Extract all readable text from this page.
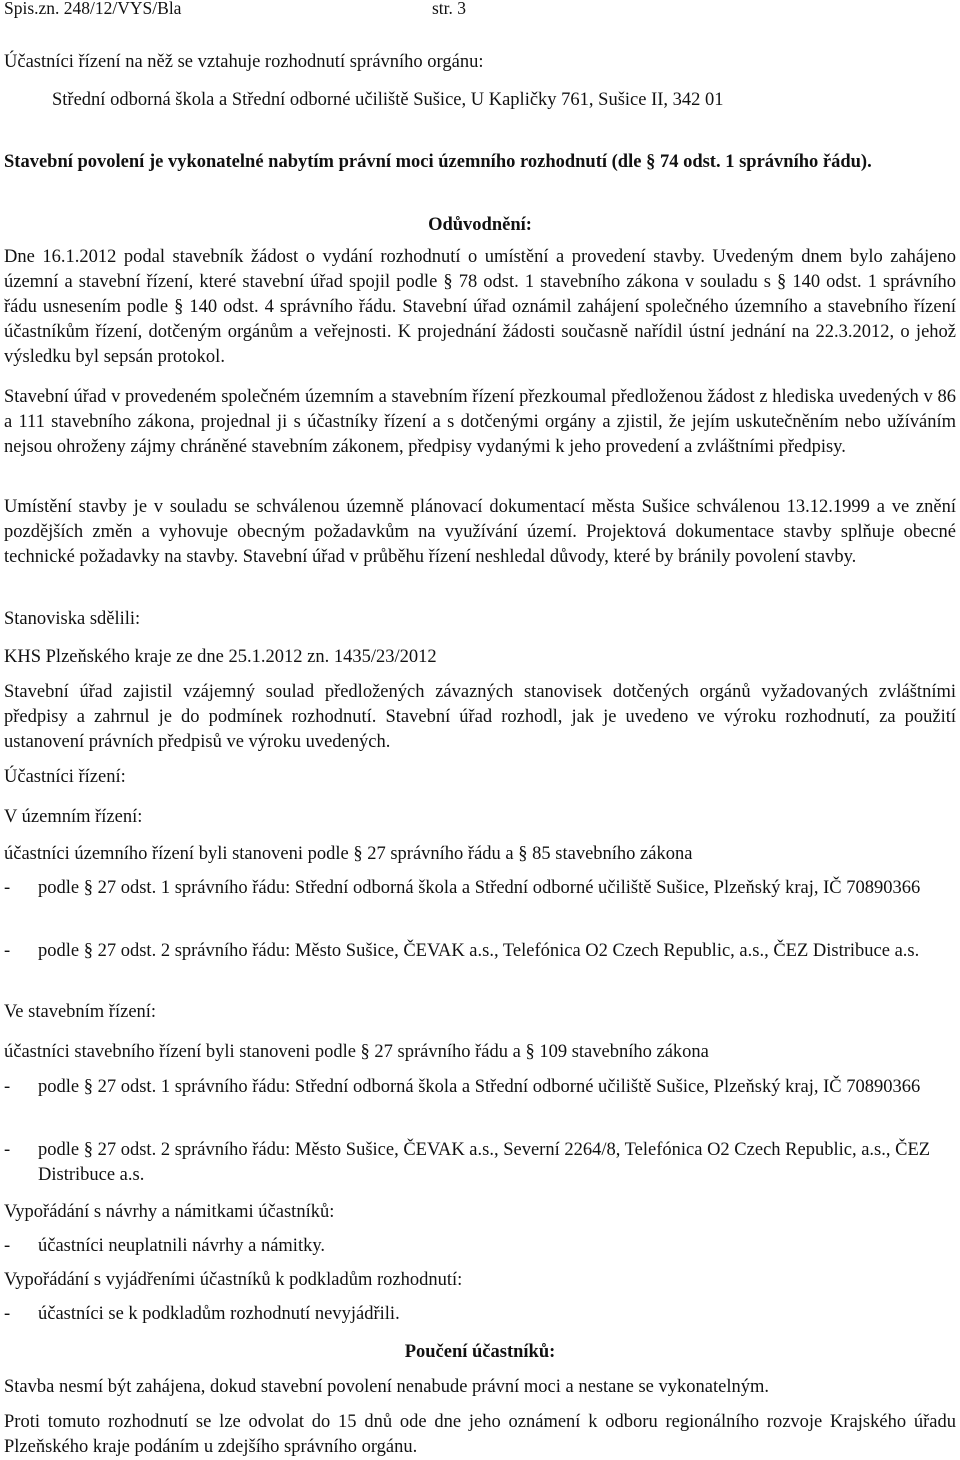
Spis.zn. 248/12/VYS/Bla	str. 3
Účastníci řízení na něž se vztahuje rozhodnutí správního orgánu:
Střední odborná škola a Střední odborné učiliště Sušice, U Kapličky 761, Sušice II, 342 01
Stavební povolení je vykonatelné nabytím právní moci územního rozhodnutí (dle § 74 odst. 1 správního řádu).
Odůvodnění:
Dne 16.1.2012 podal stavebník žádost o vydání rozhodnutí o umístění a provedení stavby. Uvedeným dnem bylo zahájeno územní a stavební řízení, které stavební úřad spojil podle § 78 odst. 1 stavebního zákona v souladu s § 140 odst. 1 správního řádu usnesením podle § 140 odst. 4 správního řádu. Stavební úřad oznámil zahájení společného územního a stavebního řízení účastníkům řízení, dotčeným orgánům a veřejnosti. K projednání žádosti současně nařídil ústní jednání na 22.3.2012, o jehož výsledku byl sepsán protokol.
Stavební úřad v provedeném společném územním a stavebním řízení přezkoumal předloženou žádost z hlediska uvedených v 86 a 111 stavebního zákona, projednal ji s účastníky řízení a s dotčenými orgány a zjistil, že jejím uskutečněním nebo užíváním nejsou ohroženy zájmy chráněné stavebním zákonem, předpisy vydanými k jeho provedení a zvláštními předpisy.
Umístění stavby je v souladu se schválenou územně plánovací dokumentací města Sušice schválenou 13.12.1999 a ve znění pozdějších změn a vyhovuje obecným požadavkům na využívání území. Projektová dokumentace stavby splňuje obecné technické požadavky na stavby. Stavební úřad v průběhu řízení neshledal důvody, které by bránily povolení stavby.
Stanoviska sdělili:
KHS Plzeňského kraje ze dne 25.1.2012 zn. 1435/23/2012
Stavební úřad zajistil vzájemný soulad předložených závazných stanovisek dotčených orgánů vyžadovaných zvláštními předpisy a zahrnul je do podmínek rozhodnutí. Stavební úřad rozhodl, jak je uvedeno ve výroku rozhodnutí, za použití ustanovení právních předpisů ve výroku uvedených.
Účastníci řízení:
V územním řízení:
účastníci územního řízení byli stanoveni podle § 27 správního řádu a § 85 stavebního zákona
-	podle § 27 odst. 1 správního řádu: Střední odborná škola a Střední odborné učiliště Sušice, Plzeňský kraj, IČ 70890366
-	podle § 27 odst. 2 správního řádu: Město Sušice, ČEVAK a.s., Telefónica O2 Czech Republic, a.s., ČEZ Distribuce a.s.
Ve stavebním řízení:
účastníci stavebního řízení byli stanoveni podle § 27 správního řádu a § 109 stavebního zákona
-	podle § 27 odst. 1 správního řádu: Střední odborná škola a Střední odborné učiliště Sušice, Plzeňský kraj, IČ 70890366
-	podle § 27 odst. 2 správního řádu: Město Sušice, ČEVAK a.s., Severní 2264/8, Telefónica O2 Czech Republic, a.s., ČEZ Distribuce a.s.
Vypořádání s návrhy a námitkami účastníků:
-	účastníci neuplatnili návrhy a námitky.
Vypořádání s vyjádřeními účastníků k podkladům rozhodnutí:
-	účastníci se k podkladům rozhodnutí nevyjádřili.
Poučení účastníků:
Stavba nesmí být zahájena, dokud stavební povolení nenabude právní moci a nestane se vykonatelným.
Proti tomuto rozhodnutí se lze odvolat do 15 dnů ode dne jeho oznámení k odboru regionálního rozvoje Krajského úřadu Plzeňského kraje podáním u zdejšího správního orgánu.
